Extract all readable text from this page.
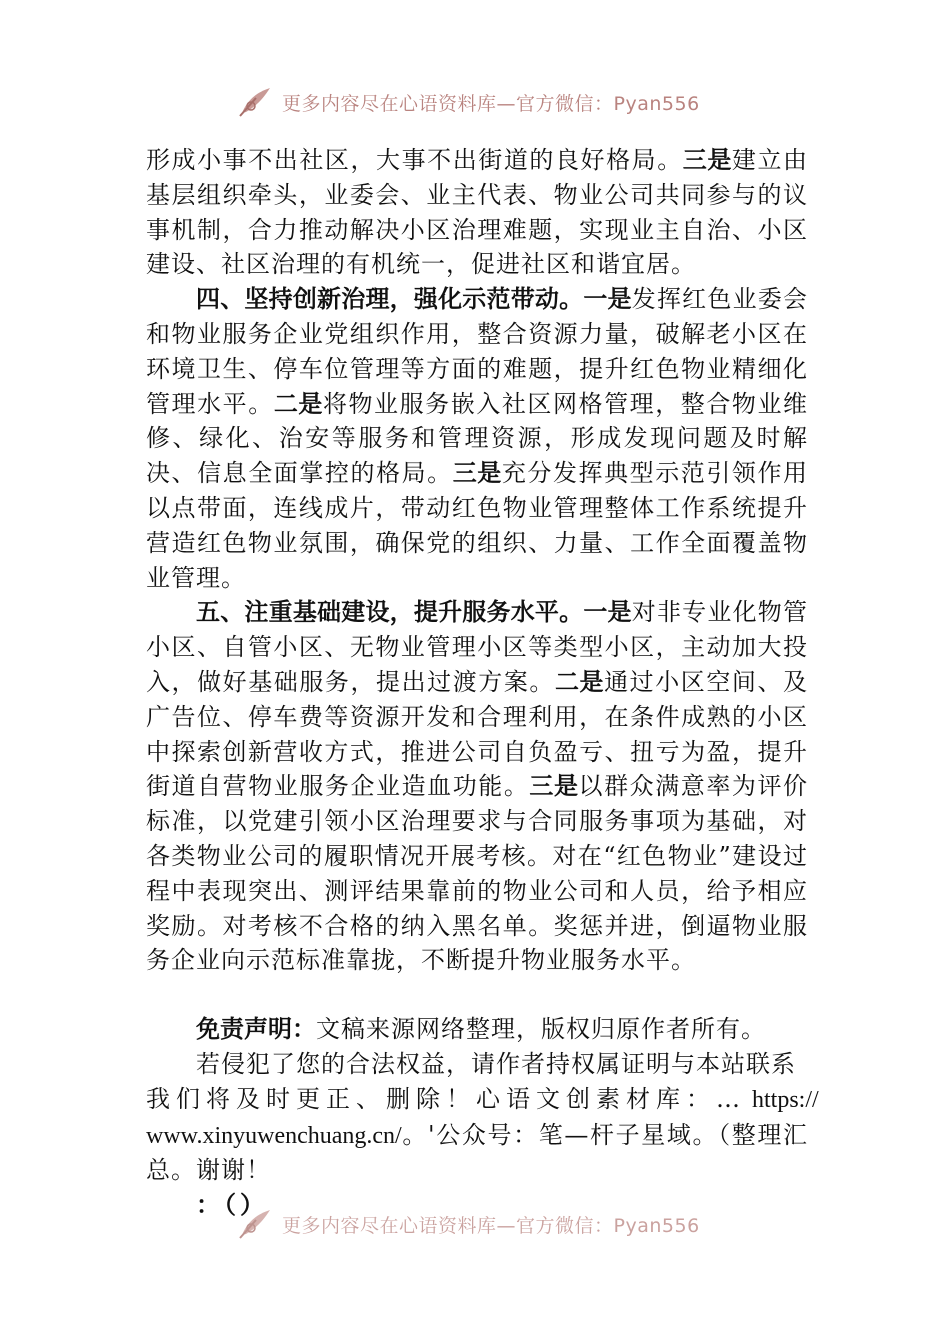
更多内容尽在心语资料库—官方微信：Pyan556

形成小事不出社区，大事不出街道的良好格局。三是建立由基层组织牵头，业委会、业主代表、物业公司共同参与的议事机制，合力推动解决小区治理难题，实现业主自治、小区建设、社区治理的有机统一，促进社区和谐宜居。

四、坚持创新治理，强化示范带动。一是发挥红色业委会和物业服务企业党组织作用，整合资源力量，破解老小区在环境卫生、停车位管理等方面的难题，提升红色物业精细化管理水平。二是将物业服务嵌入社区网格管理，整合物业维修、绿化、治安等服务和管理资源，形成发现问题及时解决、信息全面掌控的格局。三是充分发挥典型示范引领作用以点带面，连线成片，带动红色物业管理整体工作系统提升营造红色物业氛围，确保党的组织、力量、工作全面覆盖物业管理。

五、注重基础建设，提升服务水平。一是对非专业化物管小区、自管小区、无物业管理小区等类型小区，主动加大投入，做好基础服务，提出过渡方案。二是通过小区空间、及广告位、停车费等资源开发和合理利用，在条件成熟的小区中探索创新营收方式，推进公司自负盈亏、扭亏为盈，提升街道自营物业服务企业造血功能。三是以群众满意率为评价标准，以党建引领小区治理要求与合同服务事项为基础，对各类物业公司的履职情况开展考核。对在“红色物业”建设过程中表现突出、测评结果靠前的物业公司和人员，给予相应奖励。对考核不合格的纳入黑名单。奖惩并进，倒逼物业服务企业向示范标准靠拢，不断提升物业服务水平。

免责声明：文稿来源网络整理，版权归原作者所有。

若侵犯了您的合法权益，请作者持权属证明与本站联系

我们将及时更正、删除！心语文创素材库：… https://

www.xinyuwenchuang.cn/。'公众号：笔—杆子星域。（整理汇总。谢谢！

：（）

更多内容尽在心语资料库—官方微信：Pyan556
